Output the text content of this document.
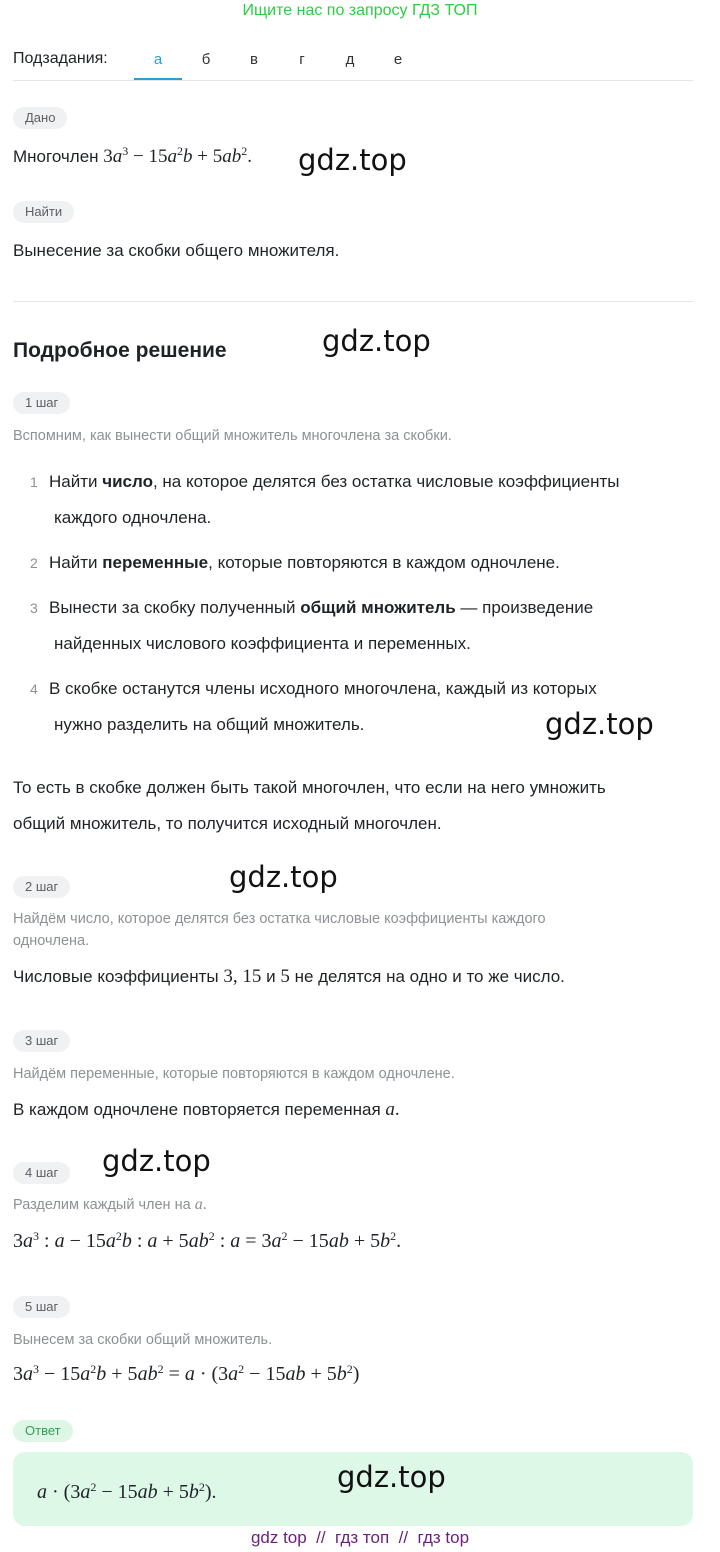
Ищите нас по запросу ГДЗ ТОП
Подзадания:	а	б	в	г	д	е
Дано
Многочлен $3a^3 - 15a^2b + 5ab^2$. gdz.top
Найти
Вынесение за скобки общего множителя.
Подробное решение	gdz.top
1 шаг
Вспомним, как вынести общий множитель многочлена за скобки.
1 Найти число, на которое делятся без остатка числовые коэффициенты
каждого одночлена.
2 Найти переменные, которые повторяются в каждом одночлене.
3 Вынести за скобку полученный общий множитель — произведение
найденных числового коэффициента и переменных.
4 В скобке останутся члены исходного многочлена, каждый из которых
нужно разделить на общий множитель.	gdz.top
То есть в скобке должен быть такой многочлен, что если на него умножить
общий множитель, то получится исходный многочлен.
gdz.top
2 шаг
Найдём число, которое делятся без остатка числовые коэффициенты каждого
одночлена.
Числовые коэффициенты 3, 15 и 5 не делятся на одно и то же число.
3 шаг
Найдём переменные, которые повторяются в каждом одночлене.
В каждом одночлене повторяется переменная a.
gdz.top
4 шаг
Разделим каждый член на a.
$3a^3$ : $a - 15a^2b$ : $a + 5ab^2$ : $a = 3a^2 - 15ab + 5b^2$.
5 шаг
Вынесем за скобки общий множитель.
$3a^3 - 15a^2b + 5ab^2 = a \cdot (3a^2 - 15ab + 5b^2)$
Ответ
$a \cdot (3a^2 - 15ab + 5b^2)$.	gdz.top
gdz top  //  гдз топ  //  гдз top
